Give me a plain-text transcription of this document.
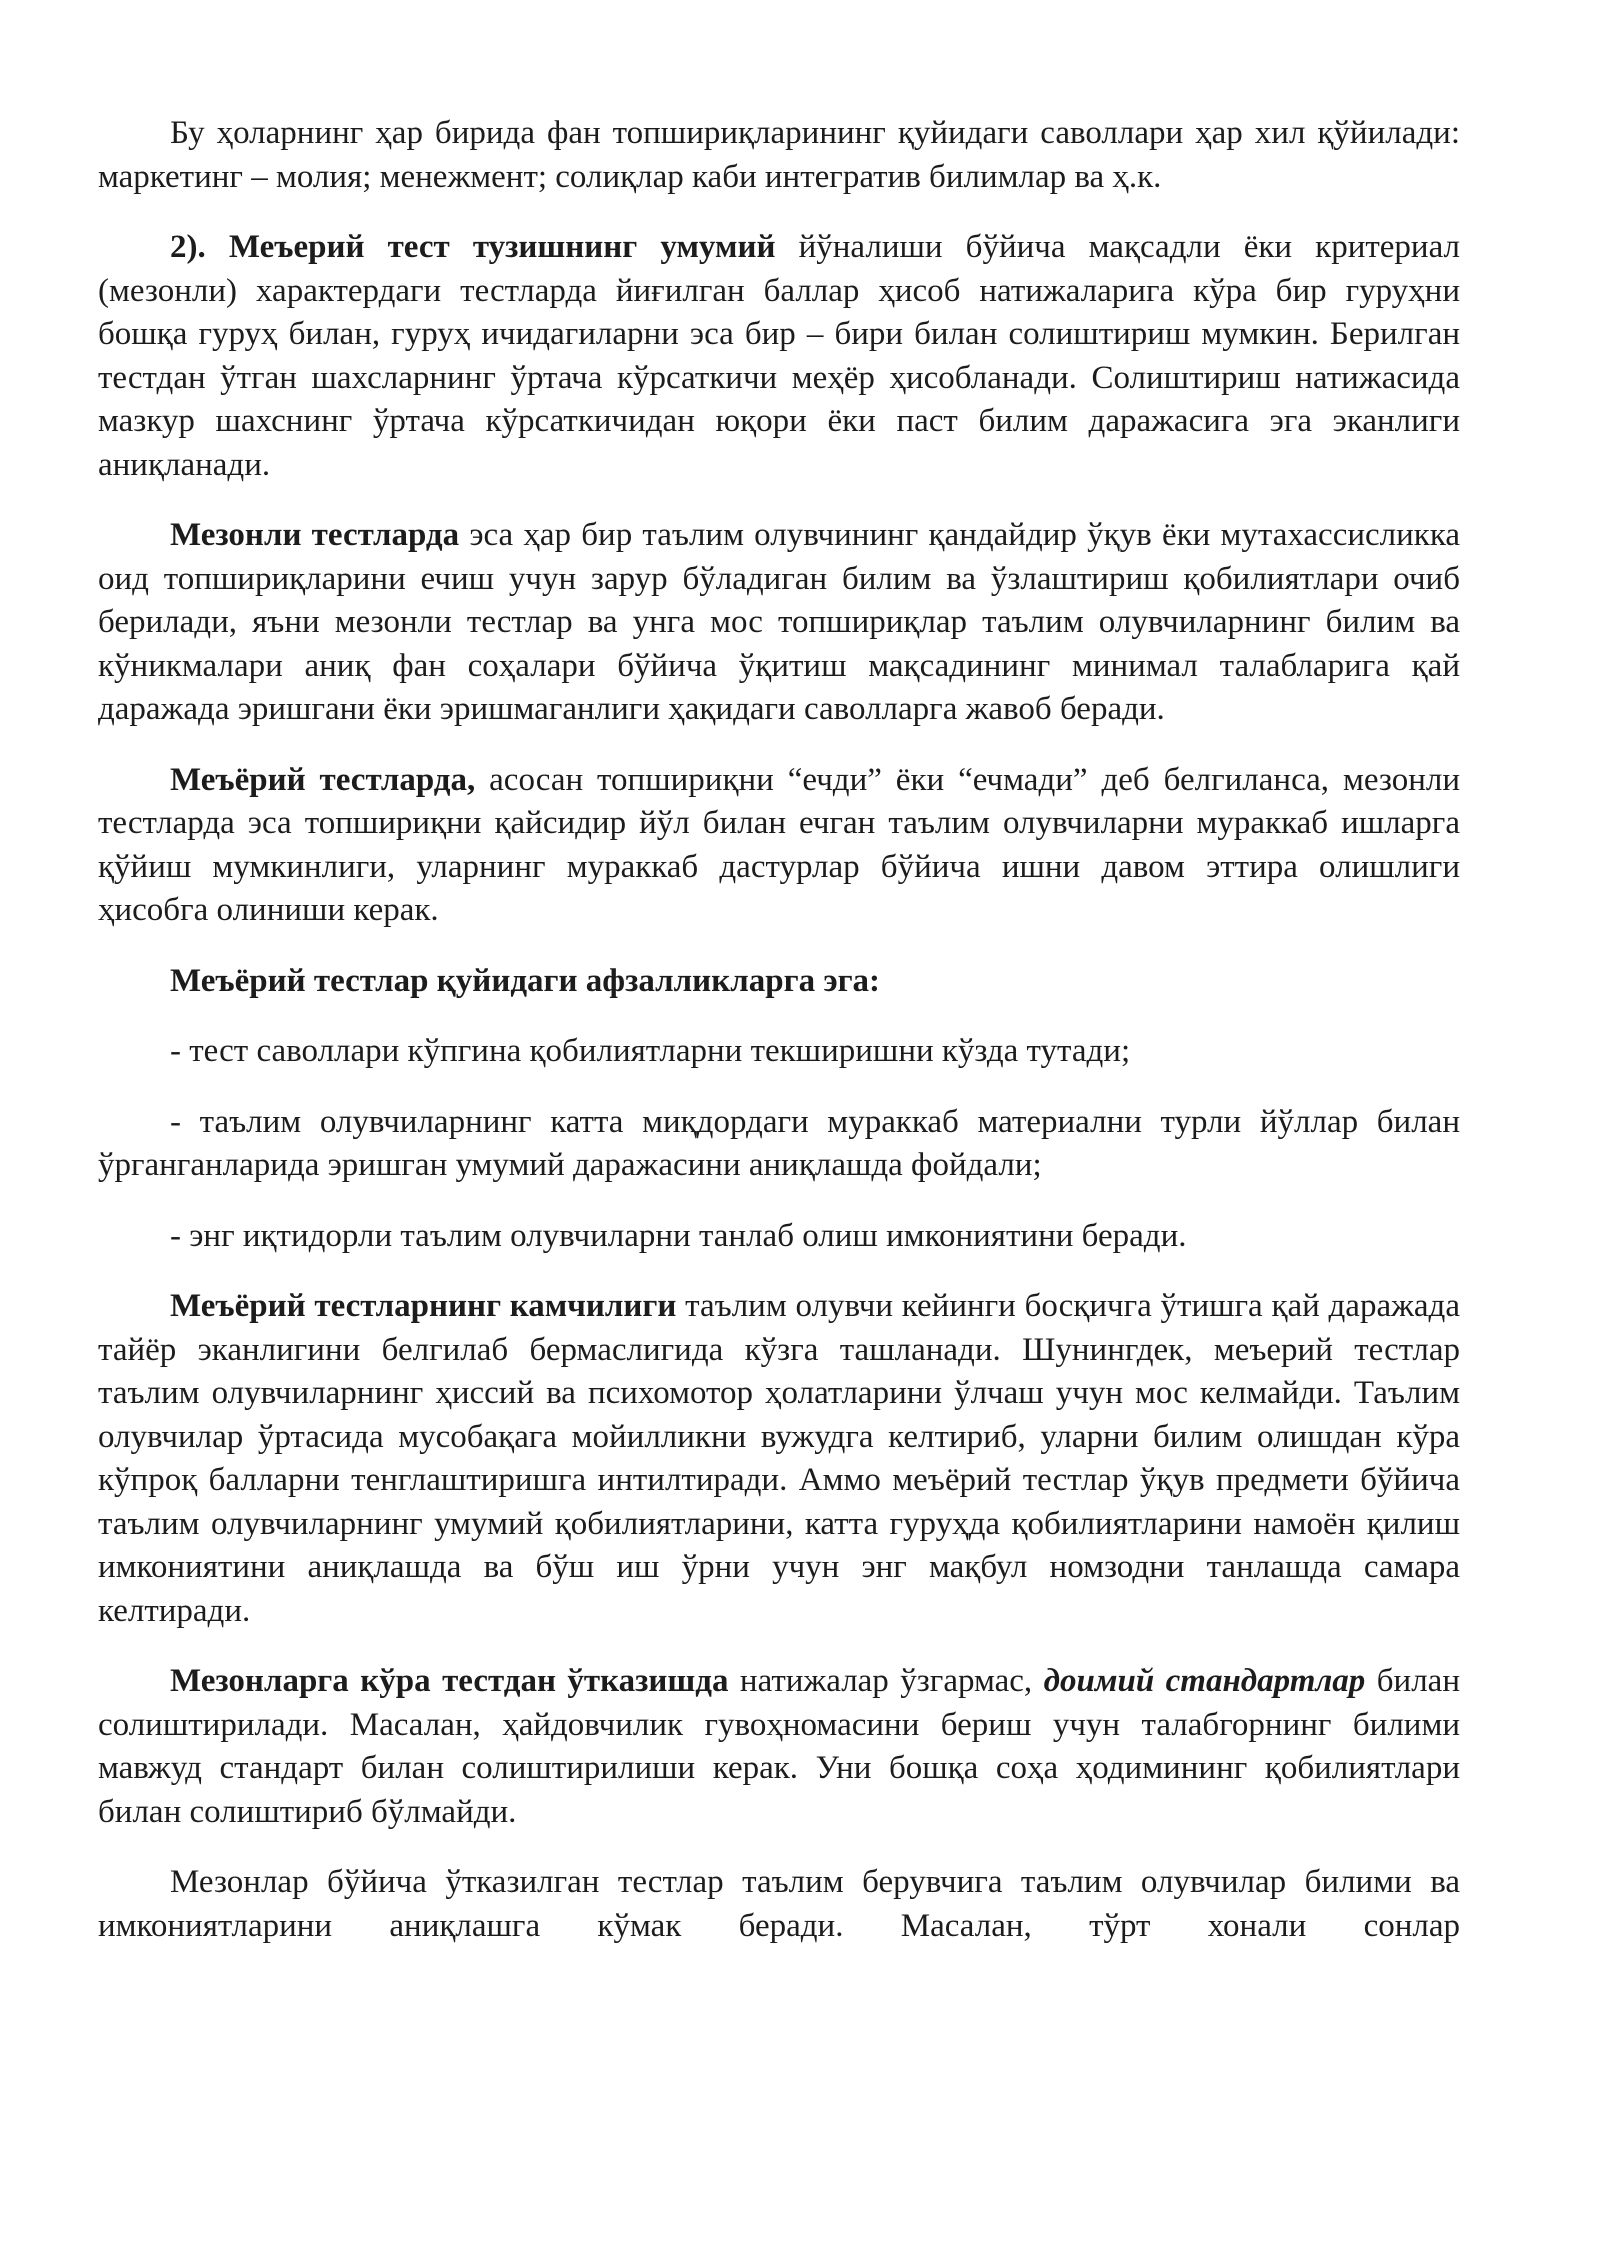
Бу ҳоларнинг ҳар бирида фан топшириқларининг қуйидаги саволлари ҳар хил қўйилади: маркетинг – молия; менежмент; солиқлар каби интегратив билимлар ва ҳ.к.

2). Меъерий тест тузишнинг умумий йўналиши бўйича мақсадли ёки критериал (мезонли) характердаги тестларда йиғилган баллар ҳисоб натижаларига кўра бир гуруҳни бошқа гуруҳ билан, гуруҳ ичидагиларни эса бир – бири билан солиштириш мумкин. Берилган тестдан ўтган шахсларнинг ўртача кўрсаткичи меҳёр ҳисобланади. Солиштириш натижасида мазкур шахснинг ўртача кўрсаткичидан юқори ёки паст билим даражасига эга эканлиги аниқланади.

Мезонли тестларда эса ҳар бир таълим олувчининг қандайдир ўқув ёки мутахассисликка оид топшириқларини ечиш учун зарур бўладиган билим ва ўзлаштириш қобилиятлари очиб берилади, яъни мезонли тестлар ва унга мос топшириқлар таълим олувчиларнинг билим ва кўникмалари аниқ фан соҳалари бўйича ўқитиш мақсадининг минимал талабларига қай даражада эришгани ёки эришмаганлиги ҳақидаги саволларга жавоб беради.

Меъёрий тестларда, асосан топшириқни “ечди” ёки “ечмади” деб белгиланса, мезонли тестларда эса топшириқни қайсидир йўл билан ечган таълим олувчиларни мураккаб ишларга қўйиш мумкинлиги, уларнинг мураккаб дастурлар бўйича ишни давом эттира олишлиги ҳисобга олиниши керак.

Меъёрий тестлар қуйидаги афзалликларга эга:

- тест саволлари кўпгина қобилиятларни текширишни кўзда тутади;

- таълим олувчиларнинг катта миқдордаги мураккаб материални турли йўллар билан ўрганганларида эришган умумий даражасини аниқлашда фойдали;

- энг иқтидорли таълим олувчиларни танлаб олиш имкониятини беради.

Меъёрий тестларнинг камчилиги таълим олувчи кейинги босқичга ўтишга қай даражада тайёр эканлигини белгилаб бермаслигида кўзга ташланади. Шунингдек, меъерий тестлар таълим олувчиларнинг ҳиссий ва психомотор ҳолатларини ўлчаш учун мос келмайди. Таълим олувчилар ўртасида мусобақага мойилликни вужудга келтириб, уларни билим олишдан кўра кўпроқ балларни тенглаштиришга интилтиради. Аммо меъёрий тестлар ўқув предмети бўйича таълим олувчиларнинг умумий қобилиятларини, катта гуруҳда қобилиятларини намоён қилиш имкониятини аниқлашда ва бўш иш ўрни учун энг мақбул номзодни танлашда самара келтиради.

Мезонларга кўра тестдан ўтказишда натижалар ўзгармас, доимий стандартлар билан солиштирилади. Масалан, ҳайдовчилик гувоҳномасини бериш учун талабгорнинг билими мавжуд стандарт билан солиштирилиши керак. Уни бошқа соҳа ҳодимининг қобилиятлари билан солиштириб бўлмайди.

Мезонлар бўйича ўтказилган тестлар таълим берувчига таълим олувчилар билими ва имкониятларини аниқлашга кўмак беради. Масалан, тўрт хонали сонлар
